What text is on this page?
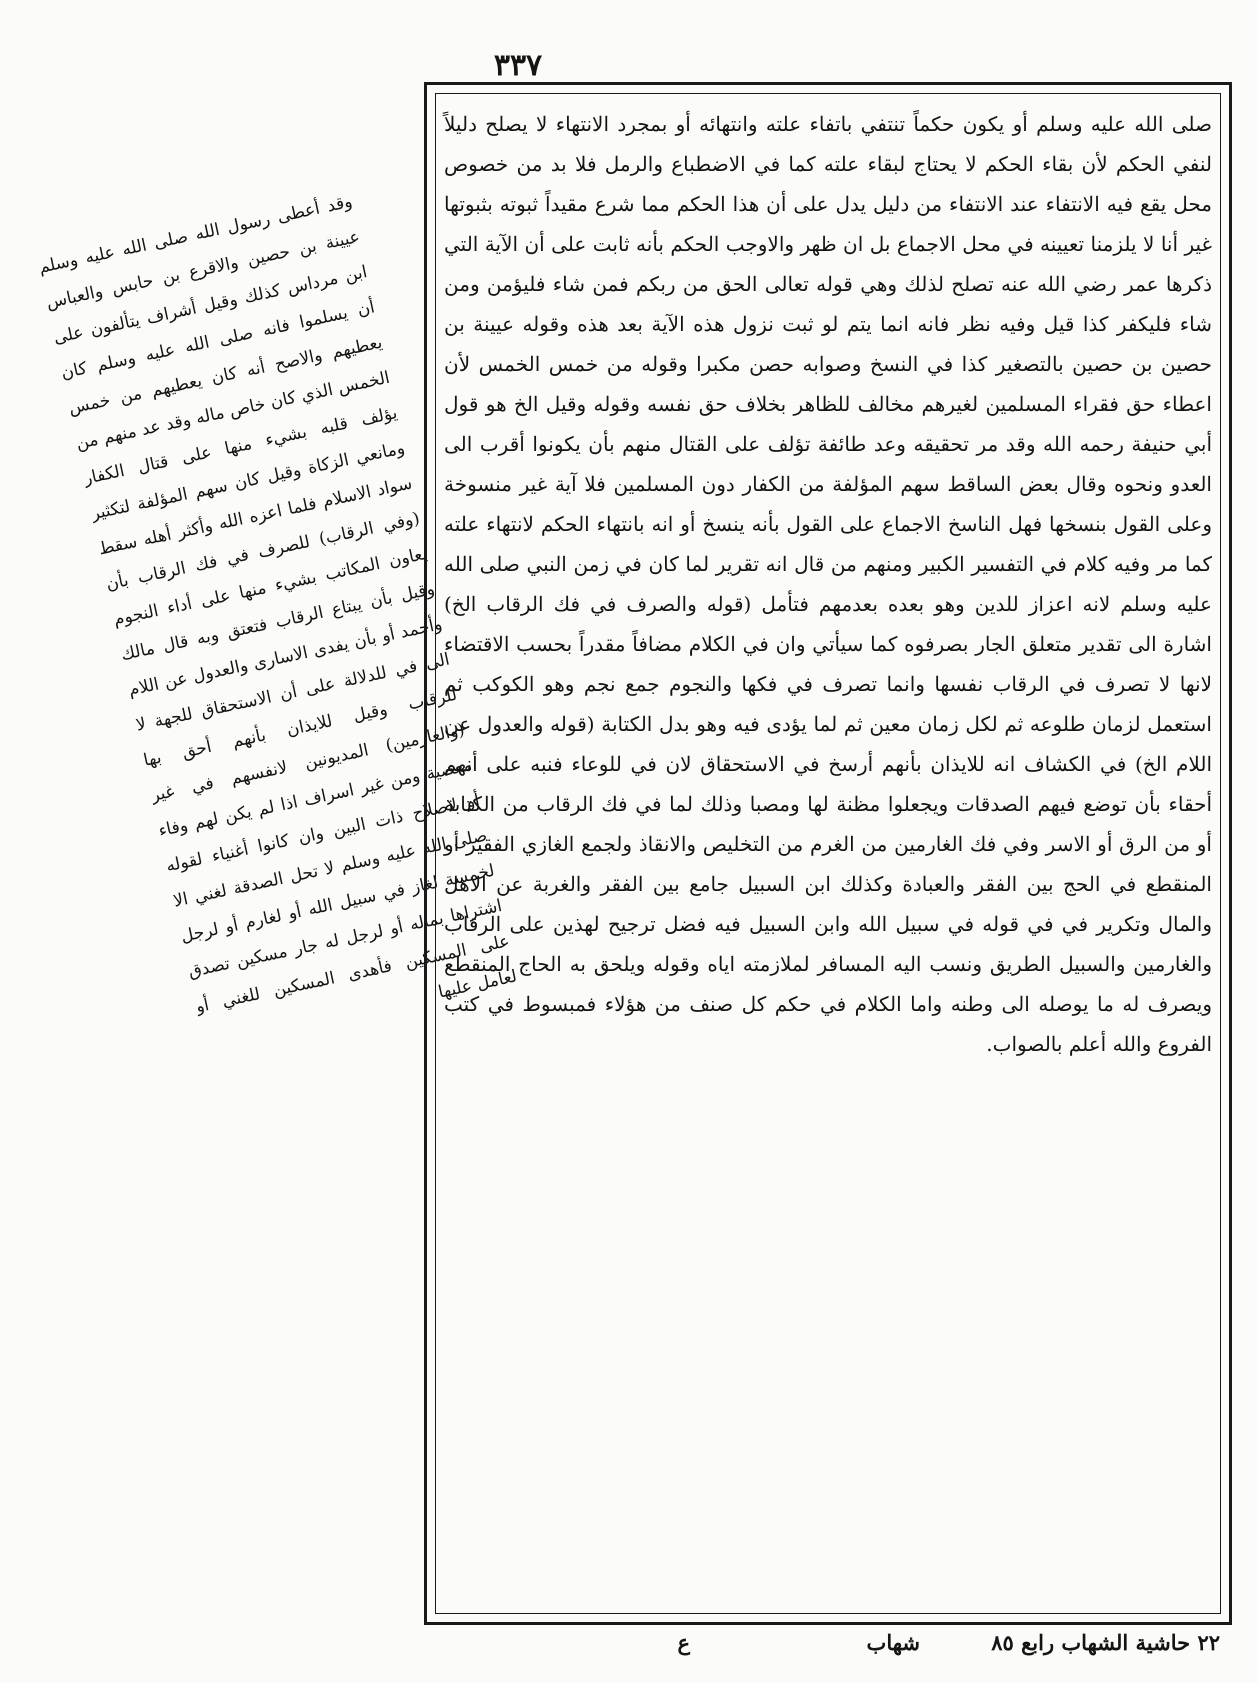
٣٣٧
وقد أعطى رسول الله صلى الله عليه وسلم عيينة بن حصين والاقرع بن حابس والعباس ابن مرداس كذلك وقيل أشراف يتألفون على أن يسلموا فانه صلى الله عليه وسلم كان يعطيهم والاصح أنه كان يعطيهم من خمس الخمس الذي كان خاص ماله وقد عد منهم من يؤلف قلبه بشيء منها على قتال الكفار ومانعي الزكاة وقيل كان سهم المؤلفة لتكثير سواد الاسلام فلما اعزه الله وأكثر أهله سقط (وفي الرقاب) للصرف في فك الرقاب بأن يعاون المكاتب بشيء منها على أداء النجوم وقيل بأن يبتاع الرقاب فتعتق وبه قال مالك وأحمد أو بأن يفدى الاسارى والعدول عن اللام الى في للدلالة على أن الاستحقاق للجهة لا للرقاب وقيل للايذان بأنهم أحق بها (والغارمين) المديونين لانفسهم في غير معصية ومن غير اسراف اذا لم يكن لهم وفاء أو لاصلاح ذات البين وان كانوا أغنياء لقوله صلى الله عليه وسلم لا تحل الصدقة لغني الا لخمسة لغاز في سبيل الله أو لغارم أو لرجل اشتراها بماله أو لرجل له جار مسكين تصدق على المسكين فأهدى المسكين للغني أو لعامل عليها

صلى الله عليه وسلم أو يكون حكماً تنتفي باتفاء علته وانتهائه أو بمجرد الانتهاء لا يصلح دليلاً لنفي الحكم لأن بقاء الحكم لا يحتاج لبقاء علته كما في الاضطباع والرمل فلا بد من خصوص محل يقع فيه الانتفاء عند الانتفاء من دليل يدل على أن هذا الحكم مما شرع مقيداً ثبوته بثبوتها غير أنا لا يلزمنا تعيينه في محل الاجماع بل ان ظهر والاوجب الحكم بأنه ثابت على أن الآية التي ذكرها عمر رضي الله عنه تصلح لذلك وهي قوله تعالى الحق من ربكم فمن شاء فليؤمن ومن شاء فليكفر كذا قيل وفيه نظر فانه انما يتم لو ثبت نزول هذه الآية بعد هذه وقوله عيينة بن حصين بن حصين بالتصغير كذا في النسخ وصوابه حصن مكبرا وقوله من خمس الخمس لأن اعطاء حق فقراء المسلمين لغيرهم مخالف للظاهر بخلاف حق نفسه وقوله وقيل الخ هو قول أبي حنيفة رحمه الله وقد مر تحقيقه وعد طائفة تؤلف على القتال منهم بأن يكونوا أقرب الى العدو ونحوه وقال بعض الساقط سهم المؤلفة من الكفار دون المسلمين فلا آية غير منسوخة وعلى القول بنسخها فهل الناسخ الاجماع على القول بأنه ينسخ أو انه بانتهاء الحكم لانتهاء علته كما مر وفيه كلام في التفسير الكبير ومنهم من قال انه تقرير لما كان في زمن النبي صلى الله عليه وسلم لانه اعزاز للدين وهو بعده بعدمهم فتأمل (قوله والصرف في فك الرقاب الخ) اشارة الى تقدير متعلق الجار بصرفوه كما سيأتي وان في الكلام مضافاً مقدراً بحسب الاقتضاء لانها لا تصرف في الرقاب نفسها وانما تصرف في فكها والنجوم جمع نجم وهو الكوكب ثم استعمل لزمان طلوعه ثم لكل زمان معين ثم لما يؤدى فيه وهو بدل الكتابة (قوله والعدول عن اللام الخ) في الكشاف انه للايذان بأنهم أرسخ في الاستحقاق لان في للوعاء فنبه على أنهم أحقاء بأن توضع فيهم الصدقات ويجعلوا مظنة لها ومصبا وذلك لما في فك الرقاب من الكتابة أو من الرق أو الاسر وفي فك الغارمين من الغرم من التخليص والانقاذ ولجمع الغازي الفقير أو المنقطع في الحج بين الفقر والعبادة وكذلك ابن السبيل جامع بين الفقر والغربة عن الاهل والمال وتكرير في في قوله في سبيل الله وابن السبيل فيه فضل ترجيح لهذين على الرقاب والغارمين والسبيل الطريق ونسب اليه المسافر لملازمته اياه وقوله ويلحق به الحاج المنقطع ويصرف له ما يوصله الى وطنه واما الكلام في حكم كل صنف من هؤلاء فمبسوط في كتب الفروع والله أعلم بالصواب.

٢٢ حاشية الشهاب رابع ٨٥
شهاب
ع
